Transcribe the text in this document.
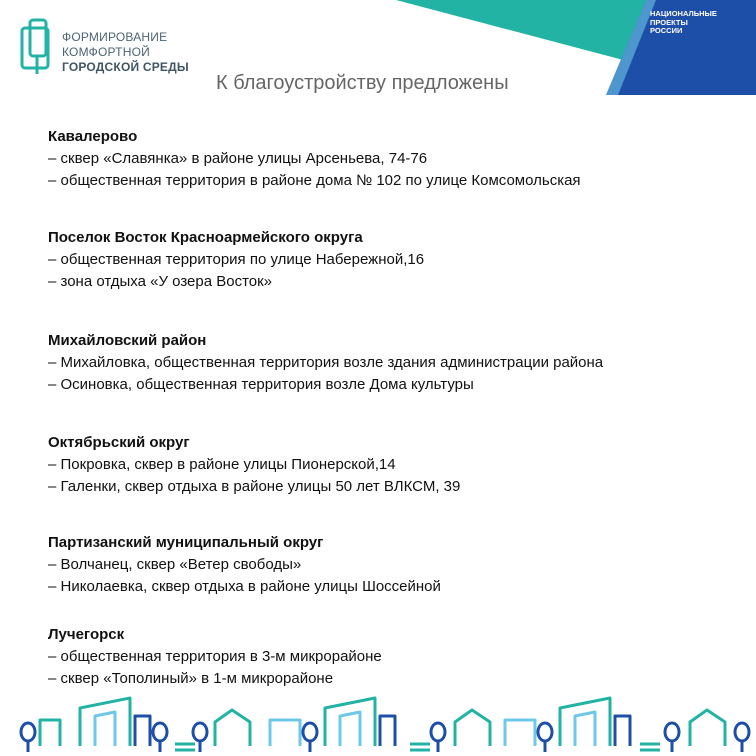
ФОРМИРОВАНИЕ
КОМФОРТНОЙ
ГОРОДСКОЙ СРЕДЫ
НАЦИОНАЛЬНЫЕ
ПРОЕКТЫ
РОССИИ
К благоустройству предложены
Кавалерово
– сквер «Славянка» в районе улицы Арсеньева, 74-76
– общественная территория в районе дома № 102 по улице Комсомольская
Поселок Восток Красноармейского округа
– общественная территория по улице Набережной,16
– зона отдыха «У озера Восток»
Михайловский район
– Михайловка, общественная территория возле здания администрации района
– Осиновка, общественная территория возле Дома культуры
Октябрьский округ
– Покровка, сквер в районе улицы Пионерской,14
– Галенки, сквер отдыха в районе улицы 50 лет ВЛКСМ, 39
Партизанский муниципальный округ
– Волчанец, сквер «Ветер свободы»
– Николаевка, сквер отдыха в районе улицы Шоссейной
Лучегорск
– общественная территория в 3-м микрорайоне
– сквер «Тополиный» в 1-м микрорайоне
